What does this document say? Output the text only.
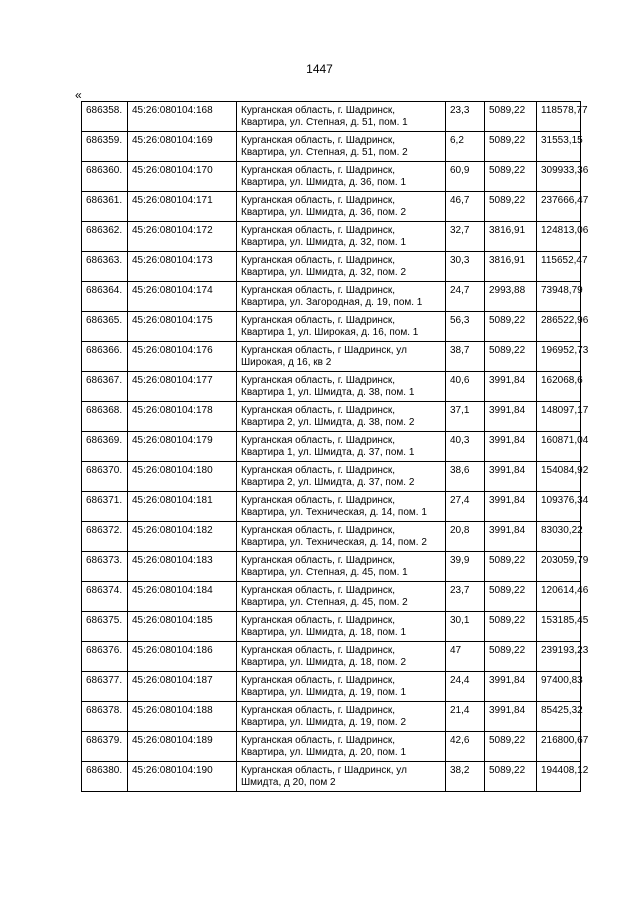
1447
«
686358.	45:26:080104:168	Курганская область, г. Шадринск, Квартира, ул. Степная, д. 51, пом. 1	23,3	5089,22	118578,77
686359.	45:26:080104:169	Курганская область, г. Шадринск, Квартира, ул. Степная, д. 51, пом. 2	6,2	5089,22	31553,15
686360.	45:26:080104:170	Курганская область, г. Шадринск, Квартира, ул. Шмидта, д. 36, пом. 1	60,9	5089,22	309933,36
686361.	45:26:080104:171	Курганская область, г. Шадринск, Квартира, ул. Шмидта, д. 36, пом. 2	46,7	5089,22	237666,47
686362.	45:26:080104:172	Курганская область, г. Шадринск, Квартира, ул. Шмидта, д. 32, пом. 1	32,7	3816,91	124813,06
686363.	45:26:080104:173	Курганская область, г. Шадринск, Квартира, ул. Шмидта, д. 32, пом. 2	30,3	3816,91	115652,47
686364.	45:26:080104:174	Курганская область, г. Шадринск, Квартира, ул. Загородная, д. 19, пом. 1	24,7	2993,88	73948,79
686365.	45:26:080104:175	Курганская область, г. Шадринск, Квартира 1, ул. Широкая, д. 16, пом. 1	56,3	5089,22	286522,96
686366.	45:26:080104:176	Курганская область, г Шадринск, ул Широкая, д 16, кв 2	38,7	5089,22	196952,73
686367.	45:26:080104:177	Курганская область, г. Шадринск, Квартира 1, ул. Шмидта, д. 38, пом. 1	40,6	3991,84	162068,6
686368.	45:26:080104:178	Курганская область, г. Шадринск, Квартира 2, ул. Шмидта, д. 38, пом. 2	37,1	3991,84	148097,17
686369.	45:26:080104:179	Курганская область, г. Шадринск, Квартира 1, ул. Шмидта, д. 37, пом. 1	40,3	3991,84	160871,04
686370.	45:26:080104:180	Курганская область, г. Шадринск, Квартира 2, ул. Шмидта, д. 37, пом. 2	38,6	3991,84	154084,92
686371.	45:26:080104:181	Курганская область, г. Шадринск, Квартира, ул. Техническая, д. 14, пом. 1	27,4	3991,84	109376,34
686372.	45:26:080104:182	Курганская область, г. Шадринск, Квартира, ул. Техническая, д. 14, пом. 2	20,8	3991,84	83030,22
686373.	45:26:080104:183	Курганская область, г. Шадринск, Квартира, ул. Степная, д. 45, пом. 1	39,9	5089,22	203059,79
686374.	45:26:080104:184	Курганская область, г. Шадринск, Квартира, ул. Степная, д. 45, пом. 2	23,7	5089,22	120614,46
686375.	45:26:080104:185	Курганская область, г. Шадринск, Квартира, ул. Шмидта, д. 18, пом. 1	30,1	5089,22	153185,45
686376.	45:26:080104:186	Курганская область, г. Шадринск, Квартира, ул. Шмидта, д. 18, пом. 2	47	5089,22	239193,23
686377.	45:26:080104:187	Курганская область, г. Шадринск, Квартира, ул. Шмидта, д. 19, пом. 1	24,4	3991,84	97400,83
686378.	45:26:080104:188	Курганская область, г. Шадринск, Квартира, ул. Шмидта, д. 19, пом. 2	21,4	3991,84	85425,32
686379.	45:26:080104:189	Курганская область, г. Шадринск, Квартира, ул. Шмидта, д. 20, пом. 1	42,6	5089,22	216800,67
686380.	45:26:080104:190	Курганская область, г Шадринск, ул Шмидта, д 20, пом 2	38,2	5089,22	194408,12
